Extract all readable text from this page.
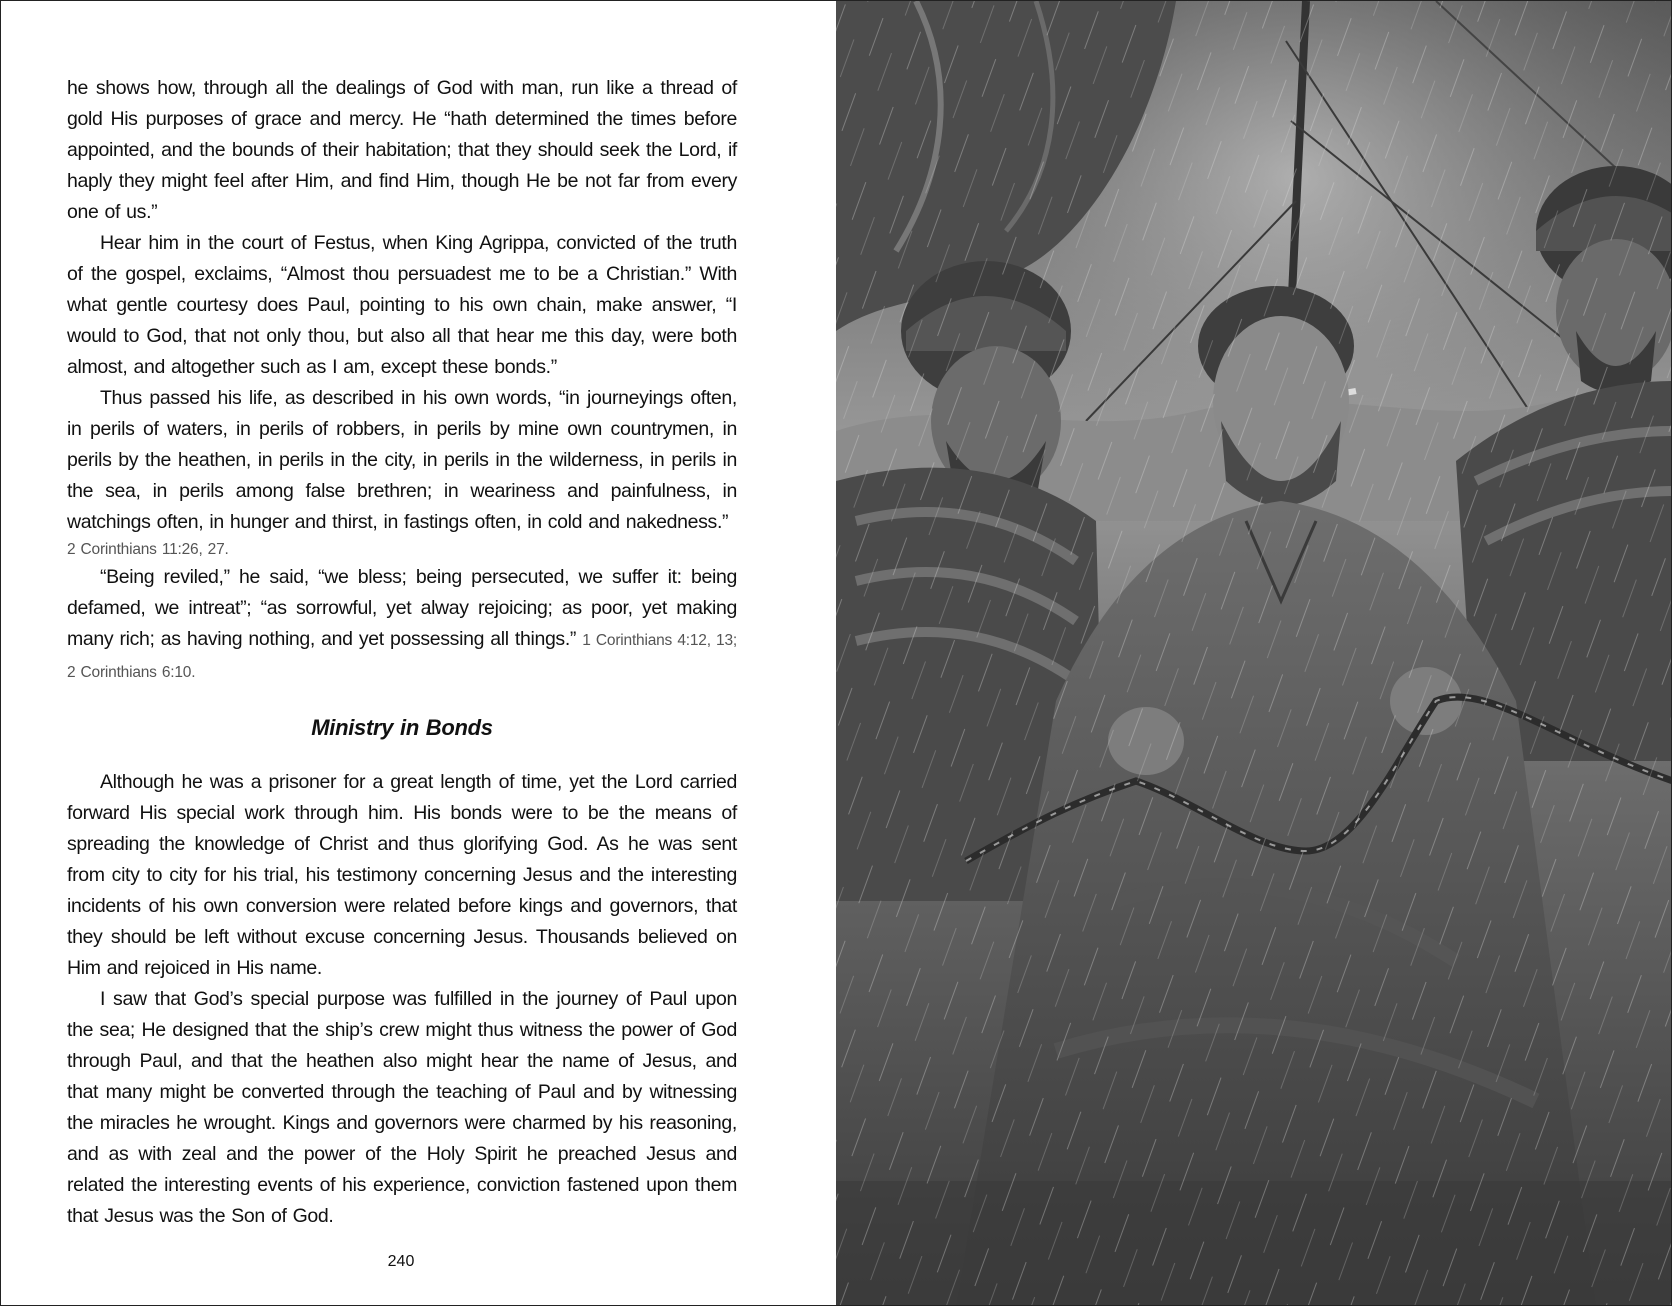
he shows how, through all the dealings of God with man, run like a thread of gold His purposes of grace and mercy. He “hath determined the times before appointed, and the bounds of their habitation; that they should seek the Lord, if haply they might feel after Him, and find Him, though He be not far from every one of us.”

Hear him in the court of Festus, when King Agrippa, convicted of the truth of the gospel, exclaims, “Almost thou persuadest me to be a Christian.” With what gentle courtesy does Paul, pointing to his own chain, make answer, “I would to God, that not only thou, but also all that hear me this day, were both almost, and altogether such as I am, except these bonds.”

Thus passed his life, as described in his own words, “in journeyings often, in perils of waters, in perils of robbers, in perils by mine own countrymen, in perils by the heathen, in perils in the city, in perils in the wilderness, in perils in the sea, in perils among false brethren; in weariness and painfulness, in watchings often, in hunger and thirst, in fastings often, in cold and nakedness.”
2 Corinthians 11:26, 27.

“Being reviled,” he said, “we bless; being persecuted, we suffer it: being defamed, we intreat”; “as sorrowful, yet alway rejoicing; as poor, yet making many rich; as having nothing, and yet possessing all things.” 1 Corinthians 4:12, 13; 2 Corinthians 6:10.

Ministry in Bonds

Although he was a prisoner for a great length of time, yet the Lord carried forward His special work through him. His bonds were to be the means of spreading the knowledge of Christ and thus glorifying God. As he was sent from city to city for his trial, his testimony concerning Jesus and the interesting incidents of his own conversion were related before kings and governors, that they should be left without excuse concerning Jesus. Thousands believed on Him and rejoiced in His name.

I saw that God’s special purpose was fulfilled in the journey of Paul upon the sea; He designed that the ship’s crew might thus witness the power of God through Paul, and that the heathen also might hear the name of Jesus, and that many might be converted through the teaching of Paul and by witnessing the miracles he wrought. Kings and governors were charmed by his reasoning, and as with zeal and the power of the Holy Spirit he preached Jesus and related the interesting events of his experience, conviction fastened upon them that Jesus was the Son of God.

240
